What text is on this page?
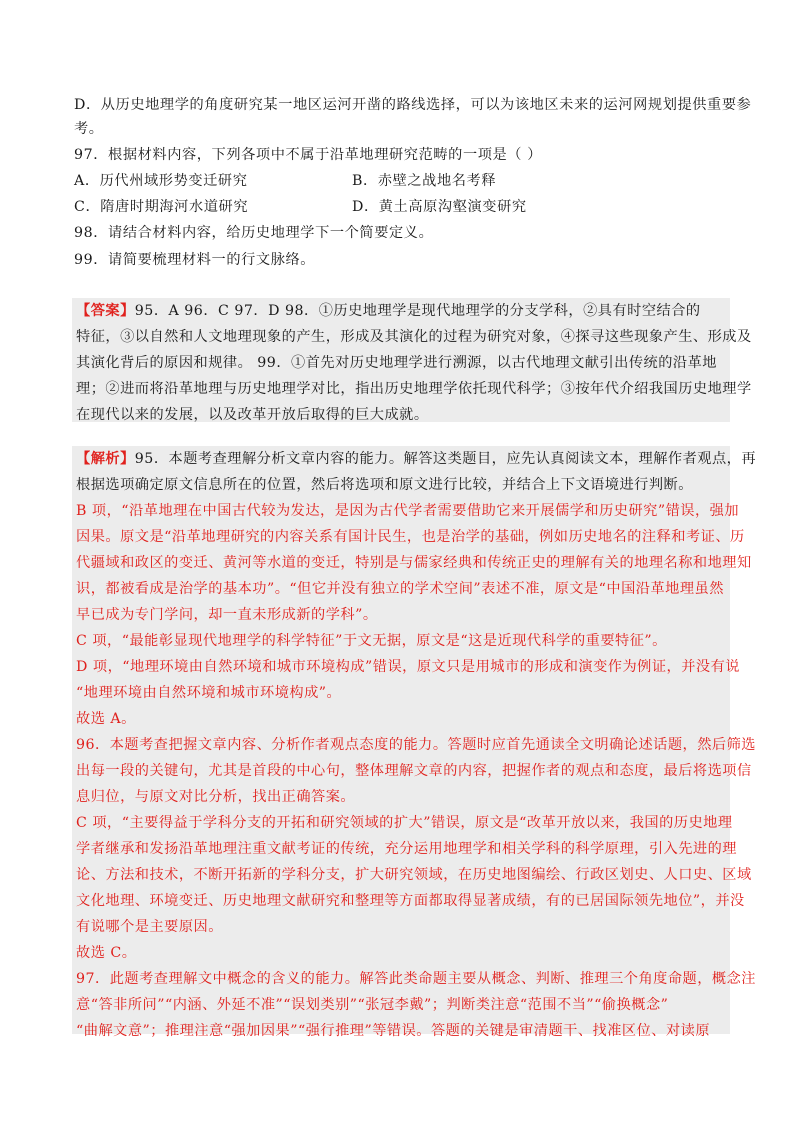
D．从历史地理学的角度研究某一地区运河开凿的路线选择，可以为该地区未来的运河网规划提供重要参
考。
97．根据材料内容，下列各项中不属于沿革地理研究范畴的一项是（ ）
A．历代州域形势变迁研究	B．赤壁之战地名考释
C．隋唐时期海河水道研究	D．黄土高原沟壑演变研究
98．请结合材料内容，给历史地理学下一个简要定义。
99．请简要梳理材料一的行文脉络。
【答案】95．A 96．C 97．D 98．①历史地理学是现代地理学的分支学科，②具有时空结合的
特征，③以自然和人文地理现象的产生，形成及其演化的过程为研究对象，④探寻这些现象产生、形成及
其演化背后的原因和规律。 99．①首先对历史地理学进行溯源，以古代地理文献引出传统的沿革地
理；②进而将沿革地理与历史地理学对比，指出历史地理学依托现代科学；③按年代介绍我国历史地理学
在现代以来的发展，以及改革开放后取得的巨大成就。
【解析】95．本题考查理解分析文章内容的能力。解答这类题目，应先认真阅读文本，理解作者观点，再
根据选项确定原文信息所在的位置，然后将选项和原文进行比较，并结合上下文语境进行判断。
B 项，“沿革地理在中国古代较为发达，是因为古代学者需要借助它来开展儒学和历史研究”错误，强加
因果。原文是“沿革地理研究的内容关系有国计民生，也是治学的基础，例如历史地名的注释和考证、历
代疆域和政区的变迁、黄河等水道的变迁，特别是与儒家经典和传统正史的理解有关的地理名称和地理知
识，都被看成是治学的基本功”。“但它并没有独立的学术空间”表述不准，原文是“中国沿革地理虽然
早已成为专门学问，却一直未形成新的学科”。
C 项，“最能彰显现代地理学的科学特征”于文无据，原文是“这是近现代科学的重要特征”。
D 项，“地理环境由自然环境和城市环境构成”错误，原文只是用城市的形成和演变作为例证，并没有说
“地理环境由自然环境和城市环境构成”。
故选 A。
96．本题考查把握文章内容、分析作者观点态度的能力。答题时应首先通读全文明确论述话题，然后筛选
出每一段的关键句，尤其是首段的中心句，整体理解文章的内容，把握作者的观点和态度，最后将选项信
息归位，与原文对比分析，找出正确答案。
C 项，“主要得益于学科分支的开拓和研究领域的扩大”错误，原文是“改革开放以来，我国的历史地理
学者继承和发扬沿革地理注重文献考证的传统，充分运用地理学和相关学科的科学原理，引入先进的理
论、方法和技术，不断开拓新的学科分支，扩大研究领域，在历史地图编绘、行政区划史、人口史、区域
文化地理、环境变迁、历史地理文献研究和整理等方面都取得显著成绩，有的已居国际领先地位”，并没
有说哪个是主要原因。
故选 C。
97．此题考查理解文中概念的含义的能力。解答此类命题主要从概念、判断、推理三个角度命题，概念注
意“答非所问”“内涵、外延不准”“误划类别”“张冠李戴”；判断类注意“范围不当”“偷换概念”
“曲解文意”；推理注意“强加因果”“强行推理”等错误。答题的关键是审清题干、找准区位、对读原
